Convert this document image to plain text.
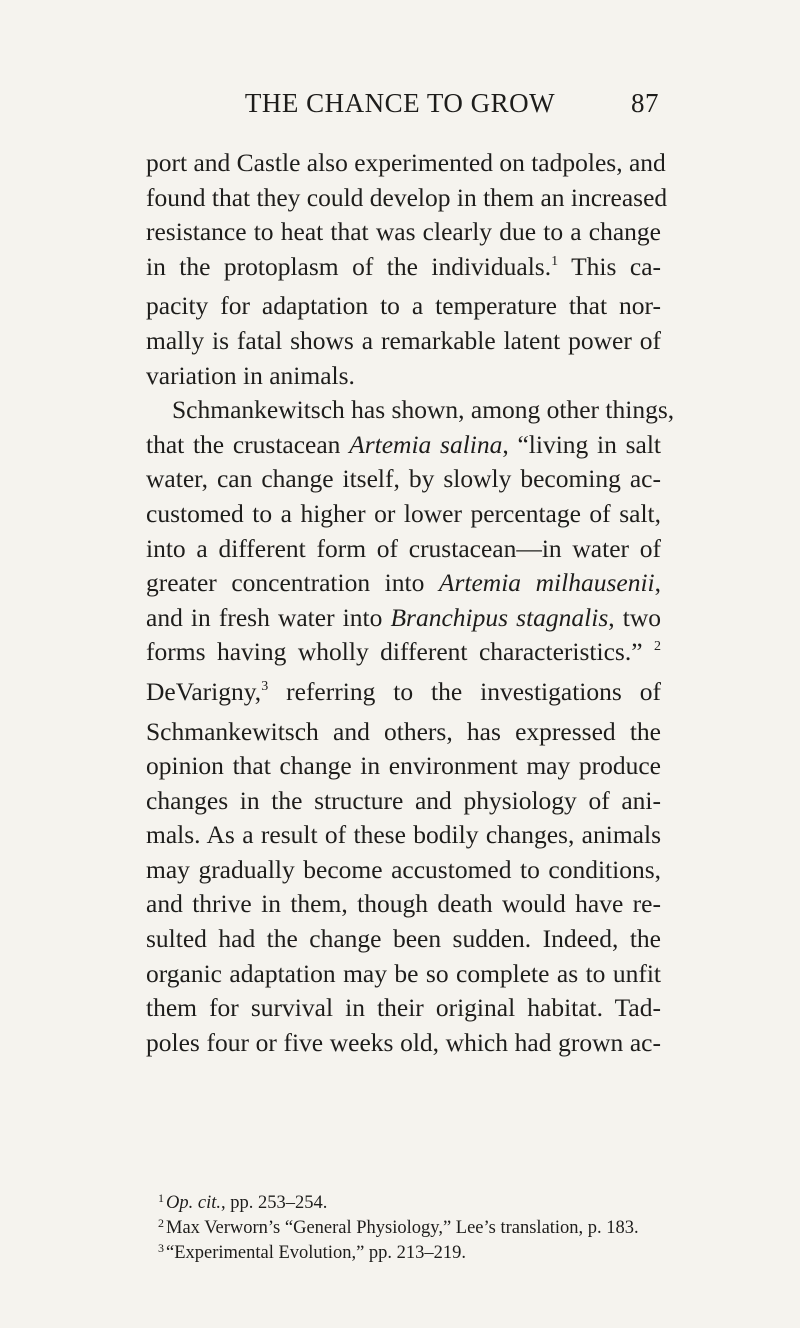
THE CHANCE TO GROW	87
port and Castle also experimented on tadpoles, and
found that they could develop in them an increased
resistance to heat that was clearly due to a change
in the protoplasm of the individuals.$^1$ This ca-
pacity for adaptation to a temperature that nor-
mally is fatal shows a remarkable latent power of
variation in animals.
Schmankewitsch has shown, among other things,
that the crustacean Artemia salina, “living in salt
water, can change itself, by slowly becoming ac-
customed to a higher or lower percentage of salt,
into a different form of crustacean—in water of
greater concentration into Artemia milhausenii,
and in fresh water into Branchipus stagnalis, two
forms having wholly different characteristics.” $^2$
DeVarigny,$^3$ referring to the investigations of
Schmankewitsch and others, has expressed the
opinion that change in environment may produce
changes in the structure and physiology of ani-
mals. As a result of these bodily changes, animals
may gradually become accustomed to conditions,
and thrive in them, though death would have re-
sulted had the change been sudden. Indeed, the
organic adaptation may be so complete as to unfit
them for survival in their original habitat. Tad-
poles four or five weeks old, which had grown ac-
$^1$ Op. cit., pp. 253–254.
$^2$ Max Verworn’s “General Physiology,” Lee’s translation, p. 183.
$^3$ “Experimental Evolution,” pp. 213–219.
